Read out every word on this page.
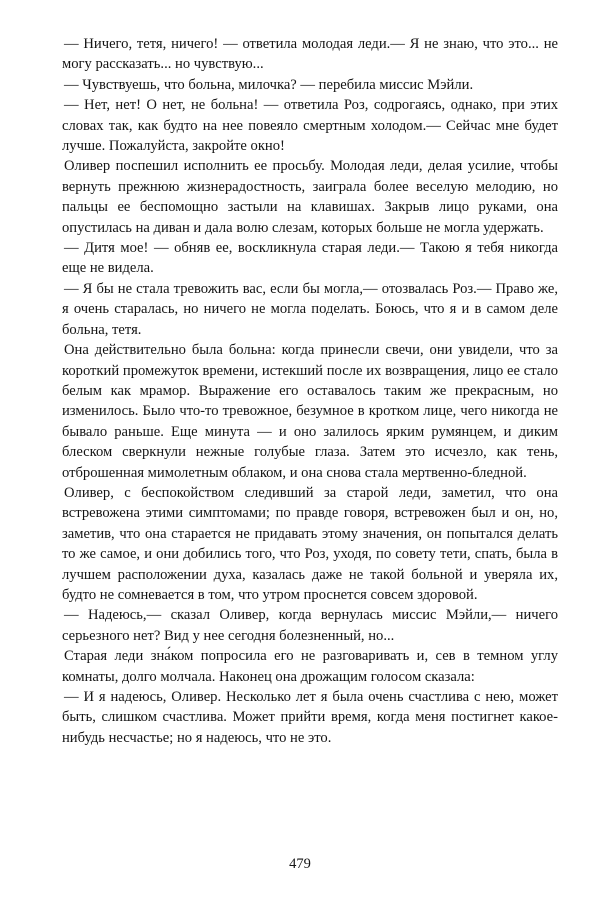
— Ничего, тетя, ничего! — ответила молодая леди.— Я не знаю, что это... не могу рассказать... но чувствую...

— Чувствуешь, что больна, милочка? — перебила миссис Мэйли.

— Нет, нет! О нет, не больна! — ответила Роз, содрогаясь, однако, при этих словах так, как будто на нее повеяло смертным холодом.— Сейчас мне будет лучше. Пожалуйста, закройте окно!

Оливер поспешил исполнить ее просьбу. Молодая леди, делая усилие, чтобы вернуть прежнюю жизнерадостность, заиграла более веселую мелодию, но пальцы ее беспомощно застыли на клавишах. Закрыв лицо руками, она опустилась на диван и дала волю слезам, которых больше не могла удержать.

— Дитя мое! — обняв ее, воскликнула старая леди.— Такою я тебя никогда еще не видела.

— Я бы не стала тревожить вас, если бы могла,— отозвалась Роз.— Право же, я очень старалась, но ничего не могла поделать. Боюсь, что я и в самом деле больна, тетя.

Она действительно была больна: когда принесли свечи, они увидели, что за короткий промежуток времени, истекший после их возвращения, лицо ее стало белым как мрамор. Выражение его оставалось таким же прекрасным, но изменилось. Было что-то тревожное, безумное в кротком лице, чего никогда не бывало раньше. Еще минута — и оно залилось ярким румянцем, и диким блеском сверкнули нежные голубые глаза. Затем это исчезло, как тень, отброшенная мимолетным облаком, и она снова стала мертвенно-бледной.

Оливер, с беспокойством следивший за старой леди, заметил, что она встревожена этими симптомами; по правде говоря, встревожен был и он, но, заметив, что она старается не придавать этому значения, он попытался делать то же самое, и они добились того, что Роз, уходя, по совету тети, спать, была в лучшем расположении духа, казалась даже не такой больной и уверяла их, будто не сомневается в том, что утром проснется совсем здоровой.

— Надеюсь,— сказал Оливер, когда вернулась миссис Мэйли,— ничего серьезного нет? Вид у нее сегодня болезненный, но...

Старая леди зна́ком попросила его не разговаривать и, сев в темном углу комнаты, долго молчала. Наконец она дрожащим голосом сказала:

— И я надеюсь, Оливер. Несколько лет я была очень счастлива с нею, может быть, слишком счастлива. Может прийти время, когда меня постигнет какое-нибудь несчастье; но я надеюсь, что не это.

479
